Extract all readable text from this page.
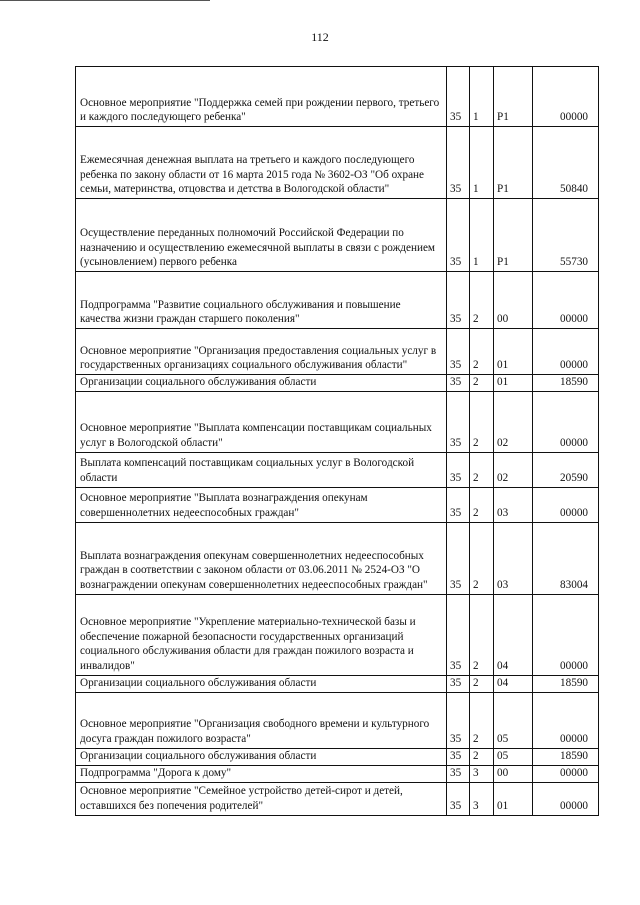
112
Основное мероприятие "Поддержка семей при рождении первого, третьего и каждого последующего ребенка"	35	1	P1	00000
Ежемесячная денежная выплата на третьего и каждого последующего ребенка по закону области от 16 марта 2015 года № 3602-ОЗ "Об охране семьи, материнства, отцовства и детства в Вологодской области"	35	1	P1	50840
Осуществление переданных полномочий Российской Федерации по назначению и осуществлению ежемесячной выплаты в связи с рождением (усыновлением) первого ребенка	35	1	P1	55730
Подпрограмма "Развитие социального обслуживания и повышение качества жизни граждан старшего поколения"	35	2	00	00000
Основное мероприятие "Организация предоставления социальных услуг в государственных организациях социального обслуживания области"	35	2	01	00000
Организации социального обслуживания области	35	2	01	18590
Основное мероприятие "Выплата компенсации поставщикам социальных услуг в Вологодской области"	35	2	02	00000
Выплата компенсаций поставщикам социальных услуг в Вологодской области	35	2	02	20590
Основное мероприятие "Выплата вознаграждения опекунам совершеннолетних недееспособных граждан"	35	2	03	00000
Выплата вознаграждения опекунам совершеннолетних недееспособных граждан в соответствии с законом области от 03.06.2011 № 2524-ОЗ "О вознаграждении опекунам совершеннолетних недееспособных граждан"	35	2	03	83004
Основное мероприятие "Укрепление материально-технической базы и обеспечение пожарной безопасности государственных организаций социального обслуживания области для граждан пожилого возраста и инвалидов"	35	2	04	00000
Организации социального обслуживания области	35	2	04	18590
Основное мероприятие "Организация свободного времени и культурного досуга граждан пожилого возраста"	35	2	05	00000
Организации социального обслуживания области	35	2	05	18590
Подпрограмма "Дорога к дому"	35	3	00	00000
Основное мероприятие "Семейное устройство детей-сирот и детей, оставшихся без попечения родителей"	35	3	01	00000
